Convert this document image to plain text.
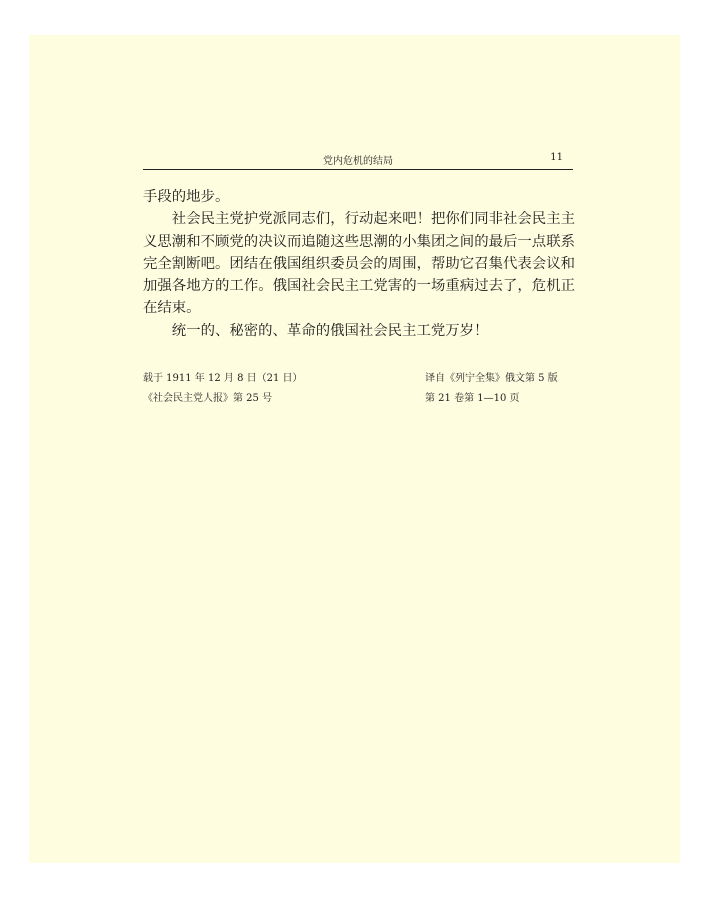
党内危机的结局	11

手段的地步。

社会民主党护党派同志们，行动起来吧！把你们同非社会民主主义思潮和不顾党的决议而追随这些思潮的小集团之间的最后一点联系完全割断吧。团结在俄国组织委员会的周围，帮助它召集代表会议和加强各地方的工作。俄国社会民主工党害的一场重病过去了，危机正在结束。

统一的、秘密的、革命的俄国社会民主工党万岁！

载于 1911 年 12 月 8 日（21 日）
《社会民主党人报》第 25 号
译自《列宁全集》俄文第 5 版
第 21 卷第 1—10 页
